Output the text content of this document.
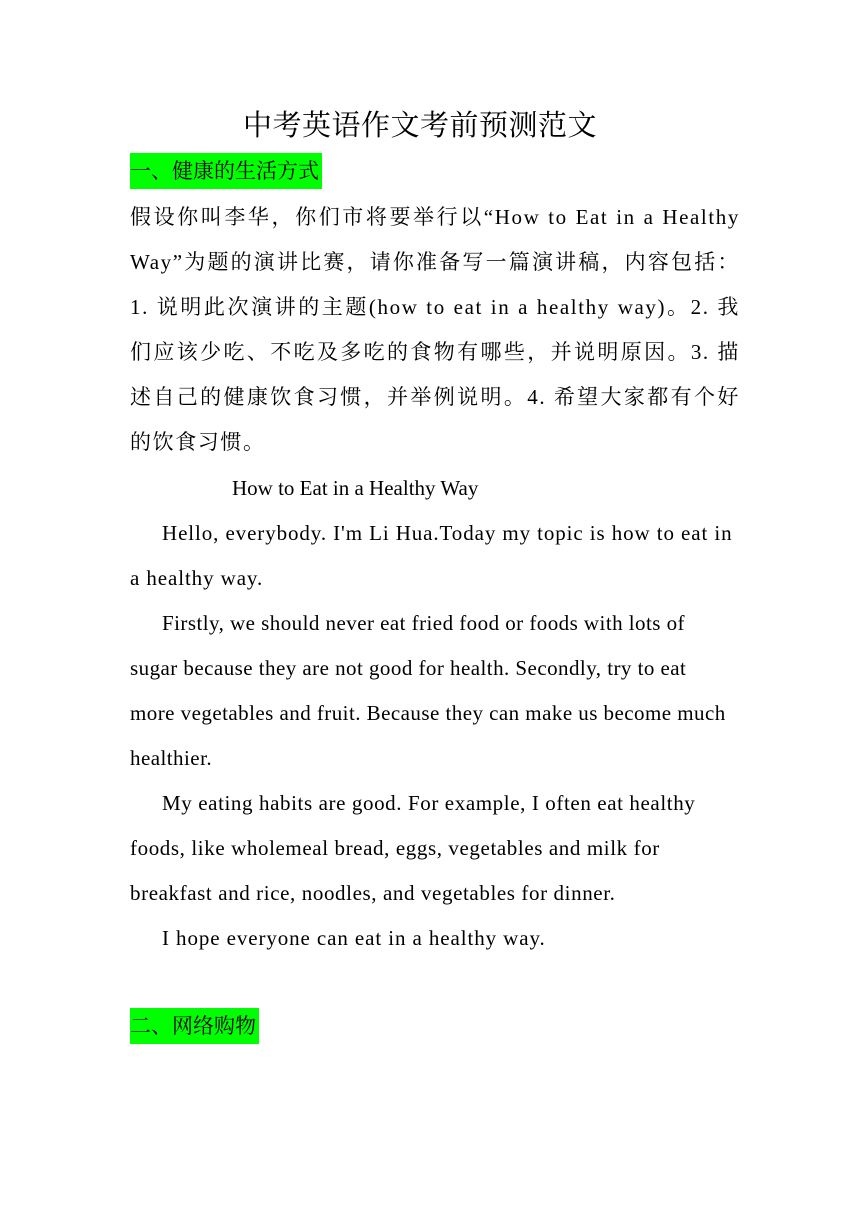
中考英语作文考前预测范文
一、健康的生活方式
假设你叫李华，你们市将要举行以“How to Eat in a Healthy Way”为题的演讲比赛，请你准备写一篇演讲稿，内容包括：1. 说明此次演讲的主题(how to eat in a healthy way)。2. 我们应该少吃、不吃及多吃的食物有哪些，并说明原因。3. 描述自己的健康饮食习惯，并举例说明。4. 希望大家都有个好的饮食习惯。
How to Eat in a Healthy Way

Hello, everybody. I'm Li Hua.Today my topic is how to eat in a healthy way.

Firstly, we should never eat fried food or foods with lots of sugar because they are not good for health. Secondly, try to eat more vegetables and fruit. Because they can make us become much healthier.

My eating habits are good. For example, I often eat healthy foods, like wholemeal bread, eggs, vegetables and milk for breakfast and rice, noodles, and vegetables for dinner.

I hope everyone can eat in a healthy way.

二、网络购物
